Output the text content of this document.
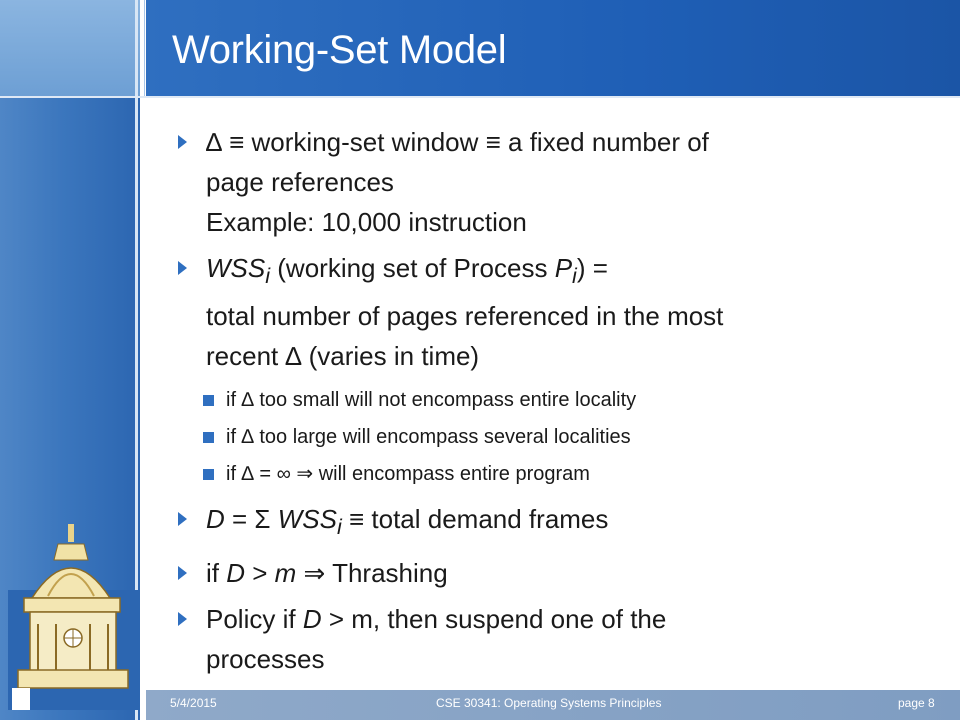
Working-Set Model
∆ ≡ working-set window ≡ a fixed number of
page references
Example: 10,000 instruction
$WSS_i$ (working set of Process $P_i$) =
total number of pages referenced in the most
recent ∆ (varies in time)
if ∆ too small will not encompass entire locality
if ∆ too large will encompass several localities
if ∆ = ∞ ⇒ will encompass entire program
D = Σ $WSS_i$ ≡ total demand frames
if D > m ⇒ Thrashing
Policy if D > m, then suspend one of the
processes
5/4/2015	CSE 30341: Operating Systems Principles	page 8
